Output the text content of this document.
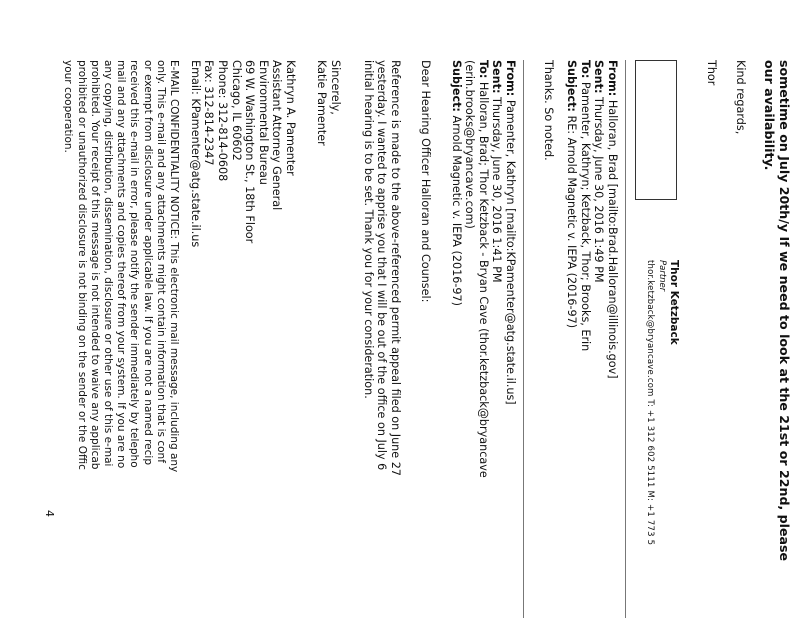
sometime on July 20th/y If we need to look at the 21st or 22nd, please
our availability.
Kind regards,
Thor
Thor Ketzback
Partner
thor.ketzback@bryancave.com T: +1 312 602 5111 M: +1 773 5
From: Halloran, Brad [mailto:Brad.Halloran@illinois.gov]
Sent: Thursday, June 30, 2016 1:49 PM
To: Pamenter, Kathryn; Ketzback, Thor; Brooks, Erin
Subject: RE: Arnold Magnetic v. IEPA (2016-97)
Thanks. So noted.
From: Pamenter, Kathryn [mailto:KPamenter@atg.state.il.us]
Sent: Thursday, June 30, 2016 1:41 PM
To: Halloran, Brad; Thor Ketzback - Bryan Cave (thor.ketzback@bryancave
(erin.brooks@bryancave.com)
Subject: Arnold Magnetic v. IEPA (2016-97)
Dear Hearing Officer Halloran and Counsel:
Reference is made to the above-referenced permit appeal filed on June 27
yesterday. I wanted to apprise you that I will be out of the office on July 6
initial hearing is to be set. Thank you for your consideration.
Sincerely,
Katie Pamenter
Kathryn A. Pamenter
Assistant Attorney General
Environmental Bureau
69 W. Washington St., 18th Floor
Chicago, IL 60602
Phone: 312-814-0608
Fax: 312-814-2347
Email: KPamenter@atg.state.il.us
E-MAIL CONFIDENTIALITY NOTICE: This electronic mail message, including any
only. This e-mail and any attachments might contain information that is conf
or exempt from disclosure under applicable law. If you are not a named recip
received this e-mail in error, please notify the sender immediately by telepho
mail and any attachments and copies thereof from your system. If you are no
any copying, distribution, dissemination, disclosure or other use of this e-mai
prohibited. Your receipt of this message is not intended to waive any applicab
prohibited or unauthorized disclosure is not binding on the sender or the Offic
your cooperation.
4
